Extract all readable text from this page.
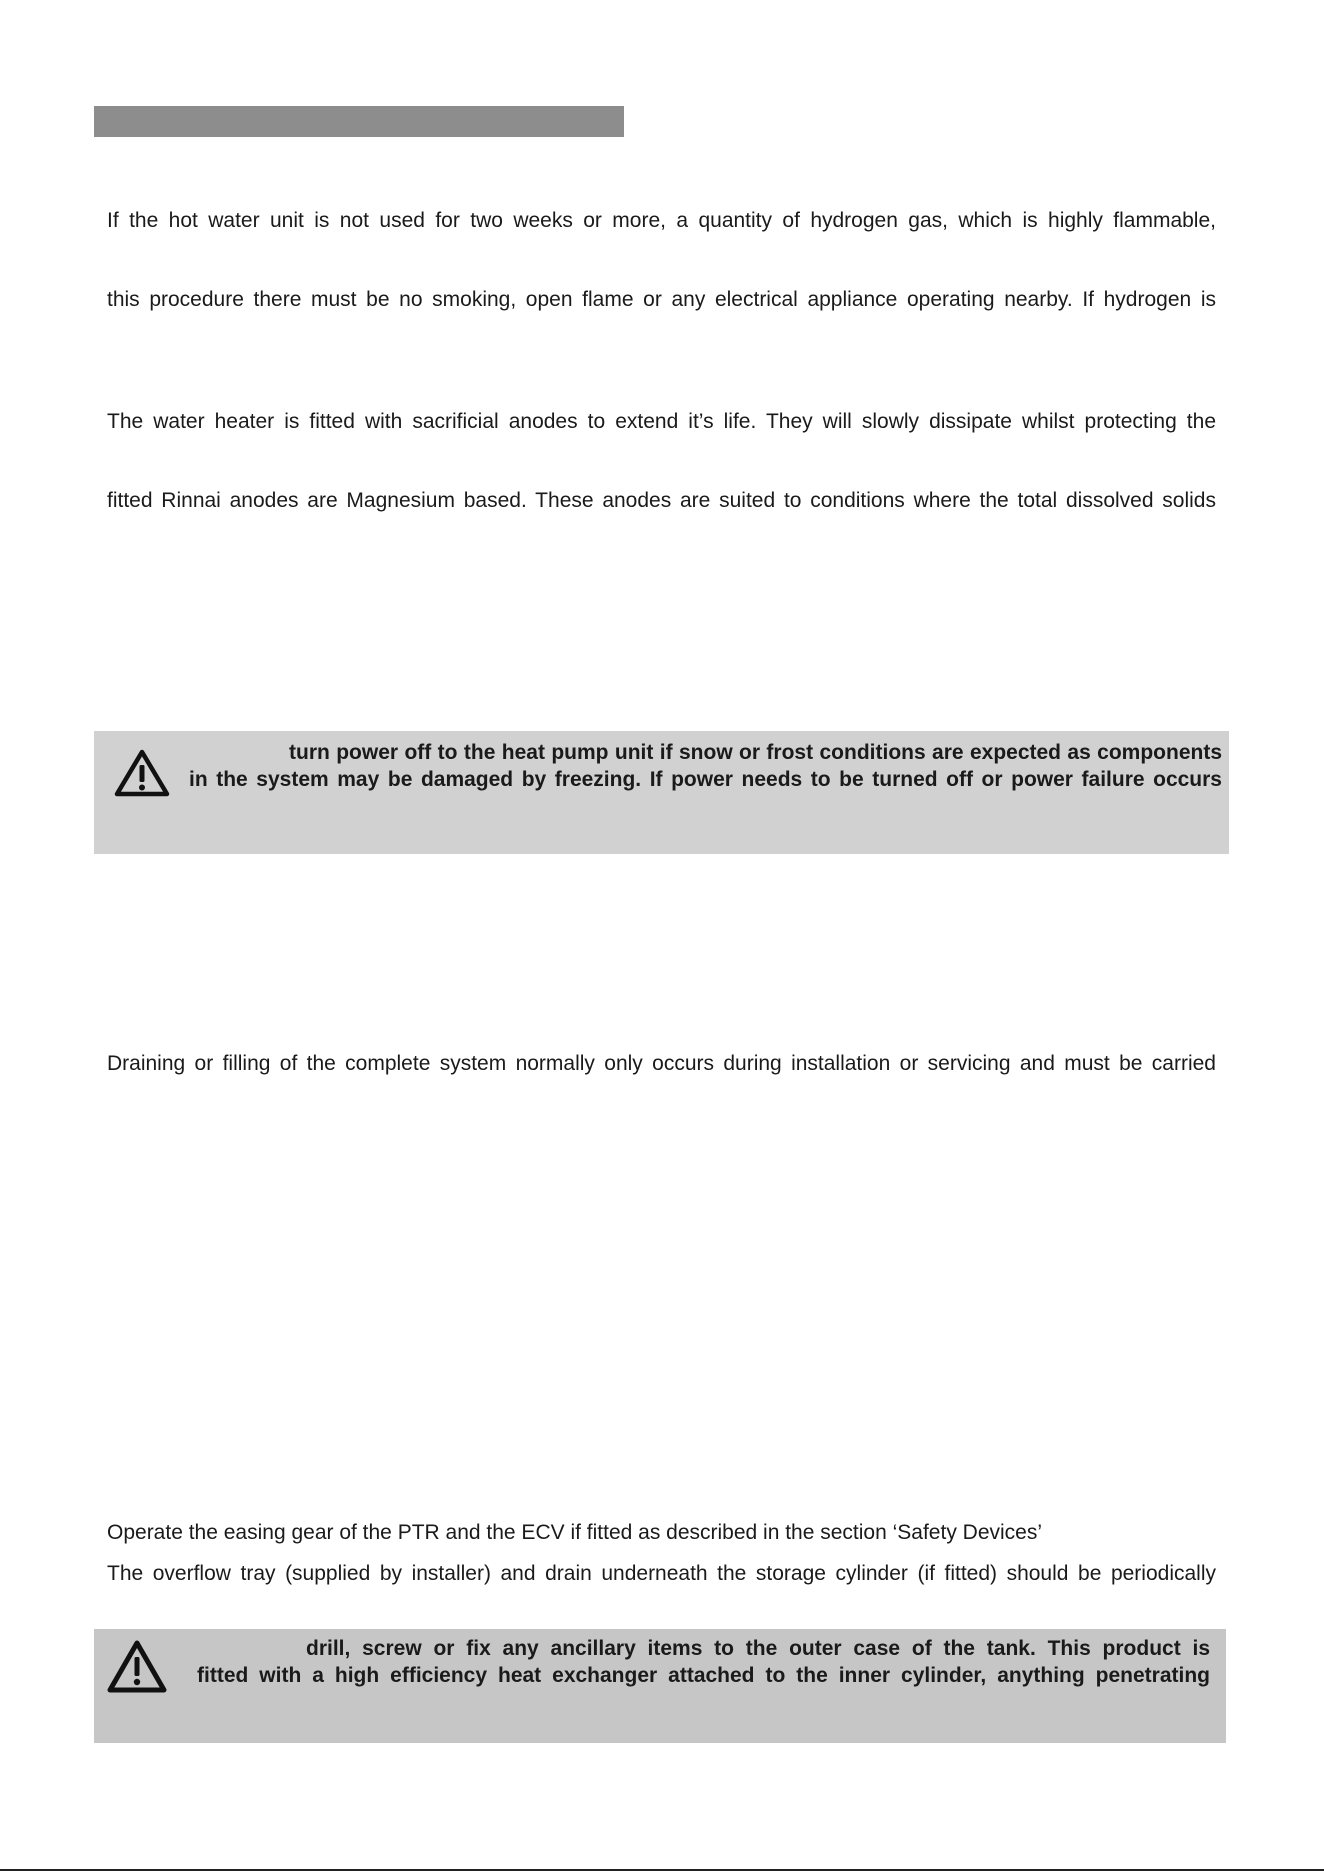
If the hot water unit is not used for two weeks or more, a quantity of hydrogen gas, which is highly flammable,
this procedure there must be no smoking, open flame or any electrical appliance operating nearby. If hydrogen is
The water heater is fitted with sacrificial anodes to extend it’s life. They will slowly dissipate whilst protecting the
fitted Rinnai anodes are Magnesium based. These anodes are suited to conditions where the total dissolved solids
turn power off to the heat pump unit if snow or frost conditions are expected as components
in the system may be damaged by freezing. If power needs to be turned off or power failure occurs
Draining or filling of the complete system normally only occurs during installation or servicing and must be carried
Operate the easing gear of the PTR and the ECV if fitted as described in the section ‘Safety Devices’
The overflow tray (supplied by installer) and drain underneath the storage cylinder (if fitted) should be periodically
drill, screw or fix any ancillary items to the outer case of the tank. This product is
fitted with a high efficiency heat exchanger attached to the inner cylinder, anything penetrating
